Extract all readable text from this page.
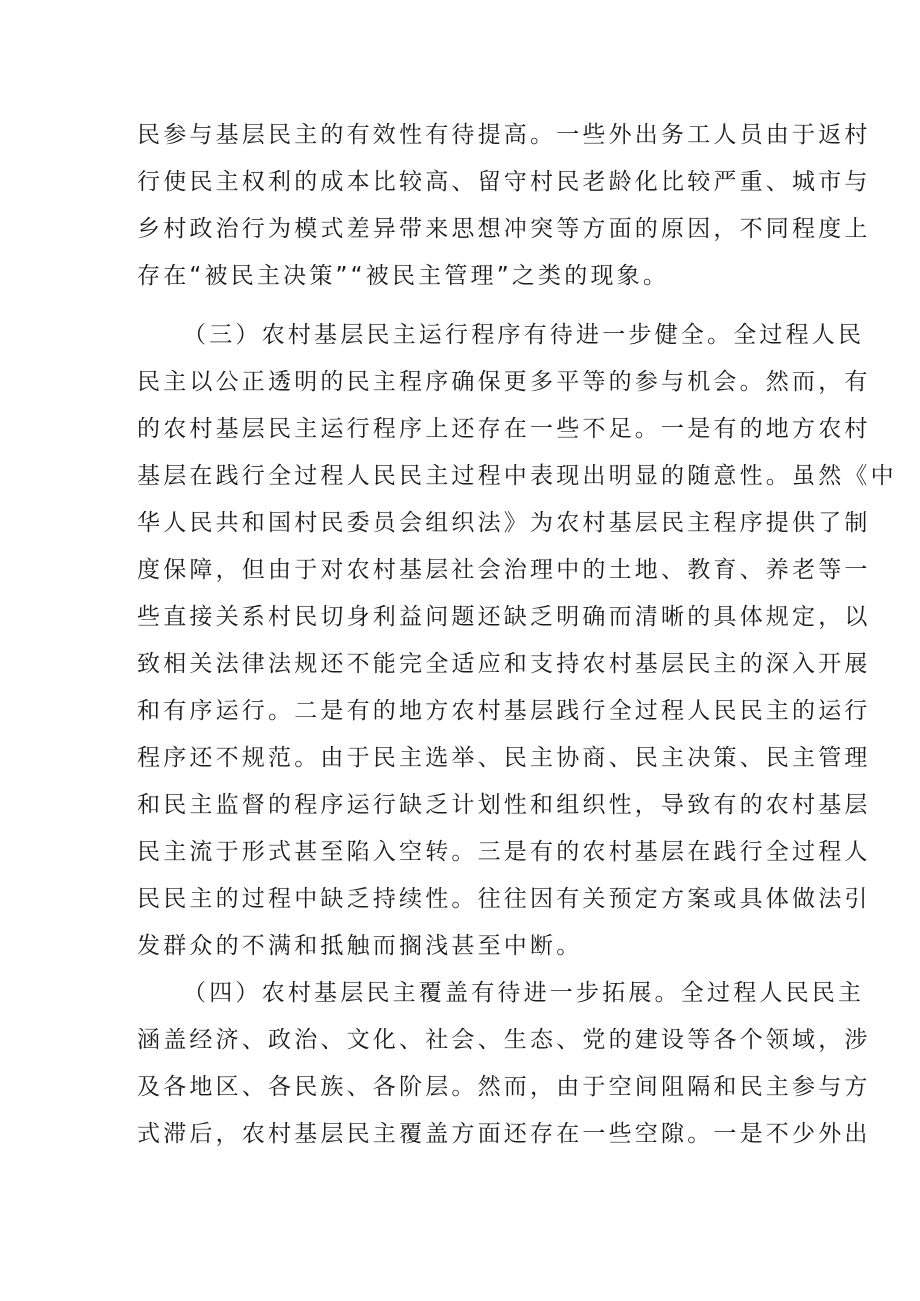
民参与基层民主的有效性有待提高。一些外出务工人员由于返村
行使民主权利的成本比较高、留守村民老龄化比较严重、城市与
乡村政治行为模式差异带来思想冲突等方面的原因，不同程度上
存在“被民主决策”“被民主管理”之类的现象。
（三）农村基层民主运行程序有待进一步健全。全过程人民
民主以公正透明的民主程序确保更多平等的参与机会。然而，有
的农村基层民主运行程序上还存在一些不足。一是有的地方农村
基层在践行全过程人民民主过程中表现出明显的随意性。虽然《中
华人民共和国村民委员会组织法》为农村基层民主程序提供了制
度保障，但由于对农村基层社会治理中的土地、教育、养老等一
些直接关系村民切身利益问题还缺乏明确而清晰的具体规定，以
致相关法律法规还不能完全适应和支持农村基层民主的深入开展
和有序运行。二是有的地方农村基层践行全过程人民民主的运行
程序还不规范。由于民主选举、民主协商、民主决策、民主管理
和民主监督的程序运行缺乏计划性和组织性，导致有的农村基层
民主流于形式甚至陷入空转。三是有的农村基层在践行全过程人
民民主的过程中缺乏持续性。往往因有关预定方案或具体做法引
发群众的不满和抵触而搁浅甚至中断。
（四）农村基层民主覆盖有待进一步拓展。全过程人民民主
涵盖经济、政治、文化、社会、生态、党的建设等各个领域，涉
及各地区、各民族、各阶层。然而，由于空间阻隔和民主参与方
式滞后，农村基层民主覆盖方面还存在一些空隙。一是不少外出
